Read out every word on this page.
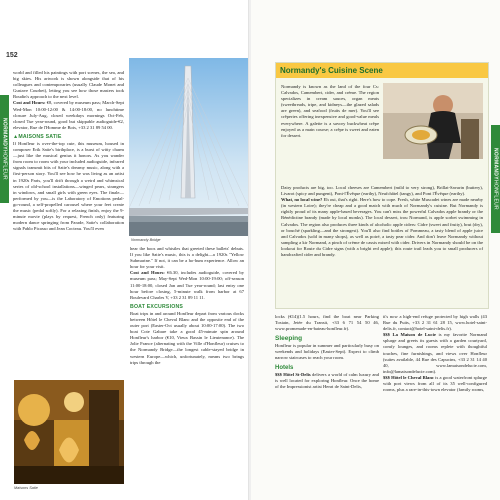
152
NORMANDY
HONFLEUR

world and filled his paintings with port scenes, the sea, and big skies. His artwork is shown alongside that of his colleagues and contemporaries (usually Claude Monet and Gustave Courbet), letting you see how those masters took Boudin's approach to the next level.

Cost and Hours: €8, covered by museum pass; March-Sept Wed-Mon 10:00-12:00 & 14:00-18:00, no lunchtime closure July-Aug, closed weekdays mornings Oct-Feb, closed Tue year-round, good but skippable audioguide-€2, elevator, Rue de l'Homme de Bois, +33 2 31 89 54 00.

▲MAISONS SATIE

If Honfleur is over-the-top cute, this museum, housed in composer Erik Satie's birthplace, is a burst of witty charm—just like the musical genius it honors. As you wander from room to room with your included audioguide, infrared signals transmit bits of Satie's dreamy music, along with a first-person story. You'll see how he was living as an artist in 1920s Paris, you'll drift through a weird and whimsical series of old-school installations—winged pears, strangers in windows, and small girls with green eyes. The finale—performed by you—is the Laboratory of Emotions pedal-go-round, a self-propelled carousel where your feet create the music (pedal softly). For a relaxing finish, enjoy the 9-minute movie (plays by request, French only) featuring modern dance springing from Parade, Satie's collaboration with Pablo Picasso and Jean Cocteau. You'll even

Normandy Bridge

hear the boos and whistles that greeted these ballets' debuts. If you like Satie's music, this is a delight—a 1920s "Yellow Submarine." If not, it can be a ho-hum experience. Allow an hour for your visit.

Cost and Hours: €6.30, includes audioguide, covered by museum pass; May-Sept Wed-Mon 10:00-19:00; off-season 11:00-18:00, closed Jan and Tue year-round; last entry one hour before closing, 5-minute walk from harbor at 67 Boulevard Charles V, +33 2 31 89 11 11.

BOAT EXCURSIONS

Boat trips in and around Honfleur depart from various docks between Hôtel le Cheval Blanc and the opposite end of the outer port (Easter-Oct usually about 10:00-17:00). The two boat Cote Gabare take a good 45-minute spin around Honfleur's harbor (€10, Vieux Bassin le Lieutenance). The Jolie France (alternating with the Ville d'Honfleur) cruises to the Normandy Bridge—the longest cable-stayed bridge in western Europe—which, unfortunately, means two brings trips through the

Maisons Satie
NORMANDY
HONFLEUR
Normandy's Cuisine Scene

Normandy is known as the land of the four Cs: Calvados, Camembert, cider, and crème. The region specializes in cream sauces, organ meats (sweetbreads, tripe, and kidneys—the glazed salads are green), and seafood (fruits de mer). You'll see crêperies offering inexpensive and good-value meals everywhere. A galette is a savory buckwheat crêpe enjoyed as a main course; a crêpe is sweet and eaten for dessert.

Dairy products are big, too. Local cheeses are Camembert (mild to very strong), Brillat-Savarin (buttery), Livarot (spicy and pungent), Pont-l'Évêque (earthy), Neufchâtel (tangy), and Pont l'Évêque (earthy).

What, no local wine? Eh oui, that's right. Here's how to cope. Fresh, white Muscadet wines are made nearby (in western Loire); they're cheap and a good match with much of Normandy's cuisine. But Normandy is rightly proud of its many apple-based beverages. You can't miss the powerful Calvados apple brandy or the Bénédictine brandy (made by local monks). The local dessert, trou Normand, is apple sorbet swimming in Calvados. The region also produces three kinds of alcoholic apple ciders: Cidre (sweet and fruity), brut (dry), or bouché (sparkling—and the strongest). You'll also find bottles of Pommeau, a tasty blend of apple juice and Calvados (sold in many shops), as well as poiré, a tasty pear cider. And don't leave Normandy without sampling a kir Normand, a pinch of crème de cassis mixed with cider. Drivers in Normandy should be on the lookout for Route du Cidre signs (with a bright red apple); this route trail leads you to small producers of handcrafted cider and brandy.

locks (€14)(1.5 hours, find the boat near Parking Tostain, Jetée du Transit, +33 6 71 54 50 46, www.promenade-en-bateau-honfleur.fr).

Sleeping

Honfleur is popular in summer and particularly busy on weekends and holidays (Easter-Sept). Expect to climb narrow staircases to reach your room.

Hotels

$$$ Hôtel St-Delis delivers a world of calm luxury and is well located for exploring Honfleur. Once the home of the Impressionist artist Henri de Saint-Delis,

it's now a high-end refuge protected by high walls (43 Rue du Puits, +33 2 31 61 28 15, www.hotel-saint-delis.fr, contact@hotel-saint-delis.fr).

$$$ La Maison de Lucie is my favorite Normand splurge and greets its guests with a garden courtyard, comfy lounges, and rooms replete with thoughtful touches, fine furnishings, and views over Honfleur (suites available, 44 Rue des Capucins, +33 2 31 14 40 40, www.lamaisondelucie.com, info@lamaisondelucie.com).

$$$ Hôtel le Cheval Blanc is a good waterfront splurge with port views from all of its 35 well-configured rooms, plus a rare-in-this-town elevator (family rooms,
